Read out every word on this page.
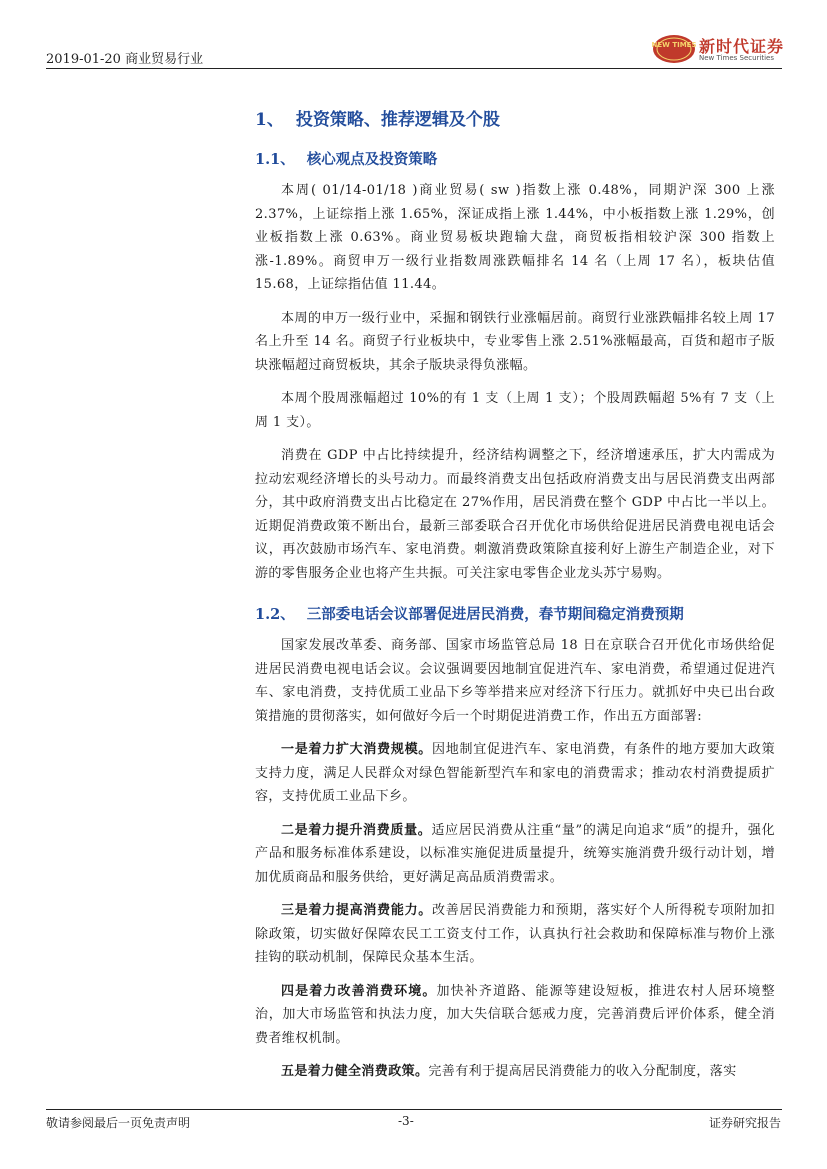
2019-01-20 商业贸易行业
NEW TIMES 新时代证券
New Times Securities
1、 投资策略、推荐逻辑及个股
1.1、 核心观点及投资策略

本周( 01/14-01/18 )商业贸易( sw )指数上涨 0.48%，同期沪深 300 上涨 2.37%，上证综指上涨 1.65%，深证成指上涨 1.44%，中小板指数上涨 1.29%，创业板指数上涨 0.63%。商业贸易板块跑输大盘，商贸板指相较沪深 300 指数上涨-1.89%。商贸申万一级行业指数周涨跌幅排名 14 名（上周 17 名），板块估值 15.68，上证综指估值 11.44。

本周的申万一级行业中，采掘和钢铁行业涨幅居前。商贸行业涨跌幅排名较上周 17 名上升至 14 名。商贸子行业板块中，专业零售上涨 2.51%涨幅最高，百货和超市子版块涨幅超过商贸板块，其余子版块录得负涨幅。

本周个股周涨幅超过 10%的有 1 支（上周 1 支）；个股周跌幅超 5%有 7 支（上周 1 支）。

消费在 GDP 中占比持续提升，经济结构调整之下，经济增速承压，扩大内需成为拉动宏观经济增长的头号动力。而最终消费支出包括政府消费支出与居民消费支出两部分，其中政府消费支出占比稳定在 27%作用，居民消费在整个 GDP 中占比一半以上。近期促消费政策不断出台，最新三部委联合召开优化市场供给促进居民消费电视电话会议，再次鼓励市场汽车、家电消费。刺激消费政策除直接利好上游生产制造企业，对下游的零售服务企业也将产生共振。可关注家电零售企业龙头苏宁易购。

1.2、 三部委电话会议部署促进居民消费，春节期间稳定消费预期

国家发展改革委、商务部、国家市场监管总局 18 日在京联合召开优化市场供给促进居民消费电视电话会议。会议强调要因地制宜促进汽车、家电消费，希望通过促进汽车、家电消费，支持优质工业品下乡等举措来应对经济下行压力。就抓好中央已出台政策措施的贯彻落实，如何做好今后一个时期促进消费工作，作出五方面部署:

一是着力扩大消费规模。因地制宜促进汽车、家电消费，有条件的地方要加大政策支持力度，满足人民群众对绿色智能新型汽车和家电的消费需求；推动农村消费提质扩容，支持优质工业品下乡。

二是着力提升消费质量。适应居民消费从注重“量”的满足向追求“质”的提升，强化产品和服务标准体系建设，以标准实施促进质量提升，统筹实施消费升级行动计划，增加优质商品和服务供给，更好满足高品质消费需求。

三是着力提高消费能力。改善居民消费能力和预期，落实好个人所得税专项附加扣除政策，切实做好保障农民工工资支付工作，认真执行社会救助和保障标准与物价上涨挂钩的联动机制，保障民众基本生活。

四是着力改善消费环境。加快补齐道路、能源等建设短板，推进农村人居环境整治，加大市场监管和执法力度，加大失信联合惩戒力度，完善消费后评价体系，健全消费者维权机制。

五是着力健全消费政策。完善有利于提高居民消费能力的收入分配制度，落实

敬请参阅最后一页免责声明	-3-	证券研究报告
